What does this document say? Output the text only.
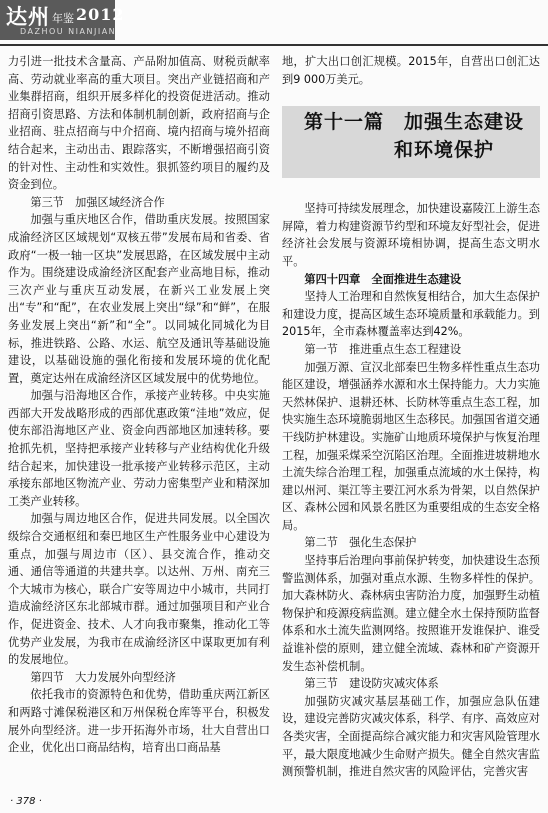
达州 年鉴 2012
DAZHOU NIANJIAN

力引进一批技术含量高、产品附加值高、财税贡献率高、劳动就业率高的重大项目。突出产业链招商和产业集群招商，组织开展多样化的投资促进活动。推动招商引资思路、方法和体制机制创新，政府招商与企业招商、驻点招商与中介招商、境内招商与境外招商结合起来，主动出击、跟踪落实，不断增强招商引资的针对性、主动性和实效性。狠抓签约项目的履约及资金到位。

第三节　加强区域经济合作

加强与重庆地区合作，借助重庆发展。按照国家成渝经济区区域规划“双核五带”发展布局和省委、省政府“一极一轴一区块”发展思路，在区域发展中主动作为。围绕建设成渝经济区配套产业高地目标，推动三次产业与重庆互动发展，在新兴工业发展上突出“专”和“配”，在农业发展上突出“绿”和“鲜”，在服务业发展上突出“新”和“全”。以同城化同城化为目标，推进铁路、公路、水运、航空及通讯等基础设施建设，以基础设施的强化衔接和发展环境的优化配置，奠定达州在成渝经济区区域发展中的优势地位。

加强与沿海地区合作，承接产业转移。中央实施西部大开发战略形成的西部优惠政策“洼地”效应，促使东部沿海地区产业、资金向西部地区加速转移。要抢抓先机，坚持把承接产业转移与产业结构优化升级结合起来，加快建设一批承接产业转移示范区，主动承接东部地区物流产业、劳动力密集型产业和精深加工类产业转移。

加强与周边地区合作，促进共同发展。以全国次级综合交通枢纽和秦巴地区生产性服务业中心建设为重点，加强与周边市（区）、县交流合作，推动交通、通信等通道的共建共享。以达州、万州、南充三个大城市为核心，联合广安等周边中小城市，共同打造成渝经济区东北部城市群。通过加强项目和产业合作，促进资金、技术、人才向我市聚集，推动化工等优势产业发展，为我市在成渝经济区中谋取更加有利的发展地位。

第四节　大力发展外向型经济

依托我市的资源特色和优势，借助重庆两江新区和两路寸滩保税港区和万州保税仓库等平台，积极发展外向型经济。进一步开拓海外市场，壮大自营出口企业，优化出口商品结构，培育出口商品基

地，扩大出口创汇规模。2015年，自营出口创汇达到9 000万美元。

第十一篇　加强生态建设
和环境保护

坚持可持续发展理念，加快建设嘉陵江上游生态屏障，着力构建资源节约型和环境友好型社会，促进经济社会发展与资源环境相协调，提高生态文明水平。

第四十四章　全面推进生态建设

坚持人工治理和自然恢复相结合，加大生态保护和建设力度，提高区域生态环境质量和承载能力。到2015年，全市森林覆盖率达到42%。

第一节　推进重点生态工程建设

加强万源、宣汉北部秦巴生物多样性重点生态功能区建设，增强涵养水源和水土保持能力。大力实施天然林保护、退耕还林、长防林等重点生态工程，加快实施生态环境脆弱地区生态移民。加强国省道交通干线防护林建设。实施矿山地质环境保护与恢复治理工程，加强采煤采空沉陷区治理。全面推进坡耕地水土流失综合治理工程，加强重点流域的水土保持，构建以州河、渠江等主要江河水系为骨架，以自然保护区、森林公园和风景名胜区为重要组成的生态安全格局。

第二节　强化生态保护

坚持事后治理向事前保护转变，加快建设生态预警监测体系，加强对重点水源、生物多样性的保护。加大森林防火、森林病虫害防治力度，加强野生动植物保护和疫源疫病监测。建立健全水土保持预防监督体系和水土流失监测网络。按照谁开发谁保护、谁受益谁补偿的原则，建立健全流域、森林和矿产资源开发生态补偿机制。

第三节　建设防灾减灾体系

加强防灾减灾基层基础工作，加强应急队伍建设，建设完善防灾减灾体系，科学、有序、高效应对各类灾害，全面提高综合减灾能力和灾害风险管理水平，最大限度地减少生命财产损失。健全自然灾害监测预警机制，推进自然灾害的风险评估，完善灾害

· 378 ·
